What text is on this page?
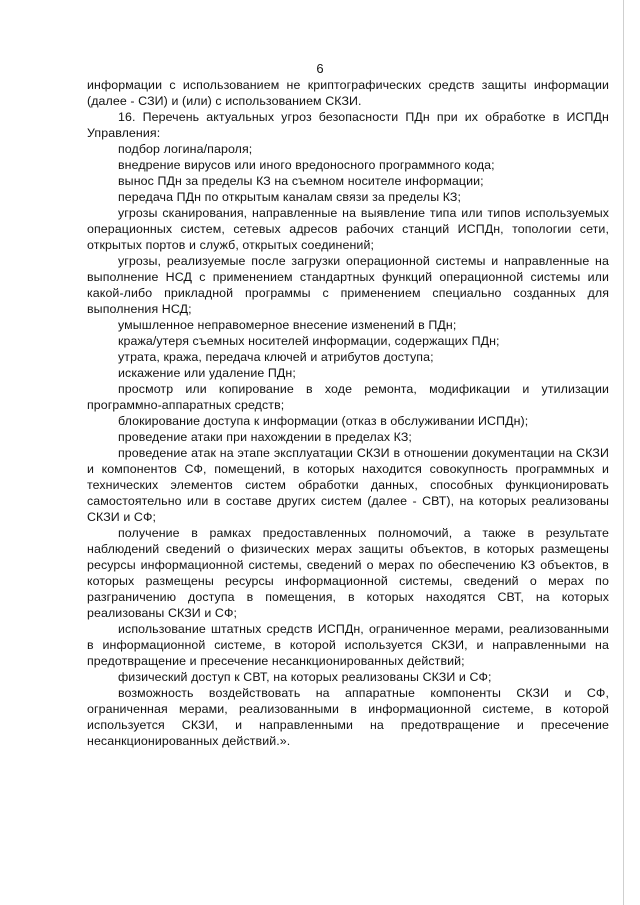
6

информации с использованием не криптографических средств защиты информации (далее - СЗИ) и (или) с использованием СКЗИ.

16. Перечень актуальных угроз безопасности ПДн при их обработке в ИСПДн Управления:

подбор логина/пароля;

внедрение вирусов или иного вредоносного программного кода;

вынос ПДн за пределы КЗ на съемном носителе информации;

передача ПДн по открытым каналам связи за пределы КЗ;

угрозы сканирования, направленные на выявление типа или типов используемых операционных систем, сетевых адресов рабочих станций ИСПДн, топологии сети, открытых портов и служб, открытых соединений;

угрозы, реализуемые после загрузки операционной системы и направленные на выполнение НСД с применением стандартных функций операционной системы или какой-либо прикладной программы с применением специально созданных для выполнения НСД;

умышленное неправомерное внесение изменений в ПДн;

кража/утеря съемных носителей информации, содержащих ПДн;

утрата, кража, передача ключей и атрибутов доступа;

искажение или удаление ПДн;

просмотр или копирование в ходе ремонта, модификации и утилизации программно-аппаратных средств;

блокирование доступа к информации (отказ в обслуживании ИСПДн);

проведение атаки при нахождении в пределах КЗ;

проведение атак на этапе эксплуатации СКЗИ в отношении документации на СКЗИ и компонентов СФ, помещений, в которых находится совокупность программных и технических элементов систем обработки данных, способных функционировать самостоятельно или в составе других систем (далее - СВТ), на которых реализованы СКЗИ и СФ;

получение в рамках предоставленных полномочий, а также в результате наблюдений сведений о физических мерах защиты объектов, в которых размещены ресурсы информационной системы, сведений о мерах по обеспечению КЗ объектов, в которых размещены ресурсы информационной системы, сведений о мерах по разграничению доступа в помещения, в которых находятся СВТ, на которых реализованы СКЗИ и СФ;

использование штатных средств ИСПДн, ограниченное мерами, реализованными в информационной системе, в которой используется СКЗИ, и направленными на предотвращение и пресечение несанкционированных действий;

физический доступ к СВТ, на которых реализованы СКЗИ и СФ;

возможность воздействовать на аппаратные компоненты СКЗИ и СФ, ограниченная мерами, реализованными в информационной системе, в которой используется СКЗИ, и направленными на предотвращение и пресечение несанкционированных действий.».
